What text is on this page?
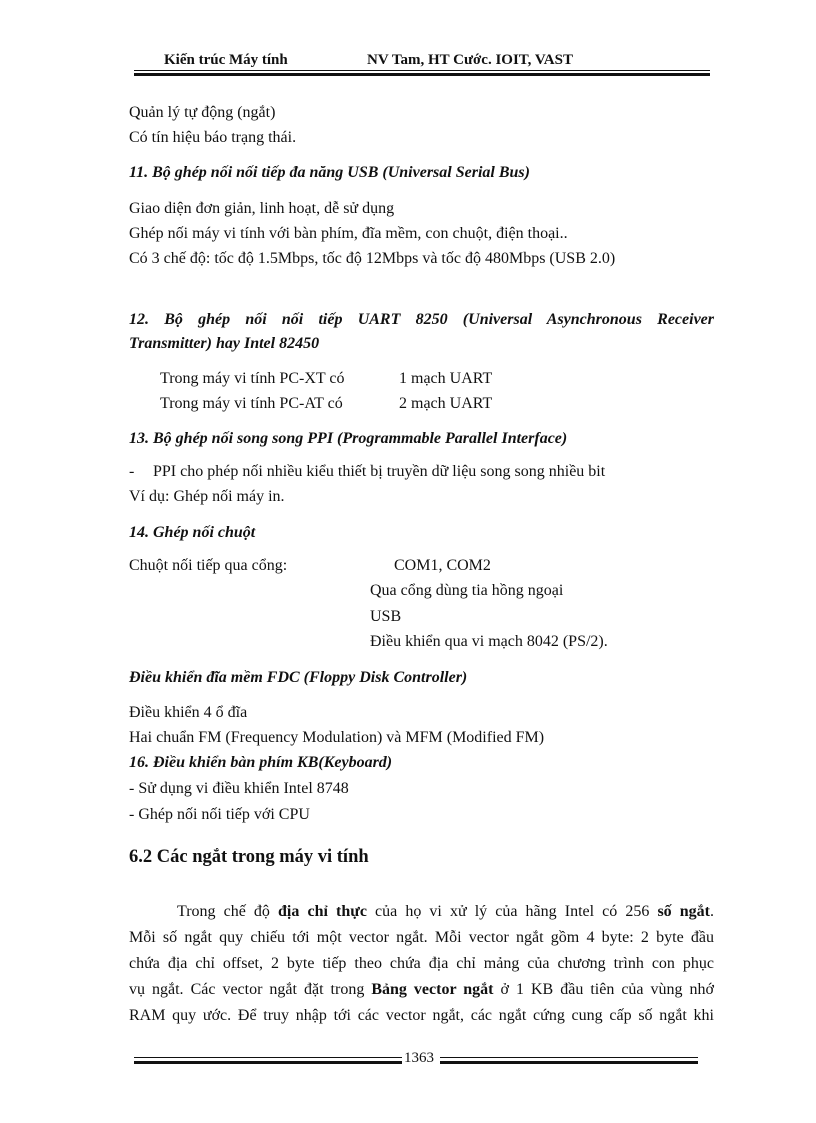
Kiến trúc Máy tính	NV Tam, HT Cước. IOIT, VAST
Quản lý tự động (ngắt)
Có tín hiệu báo trạng thái.
11. Bộ ghép nối nối tiếp đa năng USB (Universal Serial Bus)
Giao diện đơn giản, linh hoạt, dễ sử dụng
Ghép nối máy vi tính với bàn phím, đĩa mềm, con chuột, điện thoại..
Có 3 chế độ: tốc độ 1.5Mbps, tốc độ 12Mbps và tốc độ 480Mbps (USB 2.0)
12. Bộ ghép nối nối tiếp UART 8250 (Universal Asynchronous Receiver
Transmitter) hay Intel 82450
Trong máy vi tính PC-XT có	1 mạch UART
Trong máy vi tính PC-AT có	2 mạch UART
13. Bộ ghép nối song song PPI (Programmable Parallel Interface)
- PPI cho phép nối nhiều kiểu thiết bị truyền dữ liệu song song nhiều bit
Ví dụ: Ghép nối máy in.
14. Ghép nối chuột
Chuột nối tiếp qua cổng:	COM1, COM2
Qua cổng dùng tia hồng ngoại
USB
Điều khiển qua vi mạch 8042 (PS/2).
Điều khiển đĩa mềm FDC (Floppy Disk Controller)
Điều khiển 4 ổ đĩa
Hai chuẩn FM (Frequency Modulation) và MFM (Modified FM)
16. Điều khiển bàn phím KB(Keyboard)
- Sử dụng vi điều khiển Intel 8748
- Ghép nối nối tiếp với CPU
6.2 Các ngắt trong máy vi tính
Trong chế độ địa chỉ thực của họ vi xử lý của hãng Intel có 256 số ngắt.
Mỗi số ngắt quy chiếu tới một vector ngắt. Mỗi vector ngắt gồm 4 byte: 2 byte đầu
chứa địa chỉ offset, 2 byte tiếp theo chứa địa chỉ mảng của chương trình con phục
vụ ngắt. Các vector ngắt đặt trong Bảng vector ngắt ở 1 KB đầu tiên của vùng nhớ
RAM quy ước. Để truy nhập tới các vector ngắt, các ngắt cứng cung cấp số ngắt khi
1363
